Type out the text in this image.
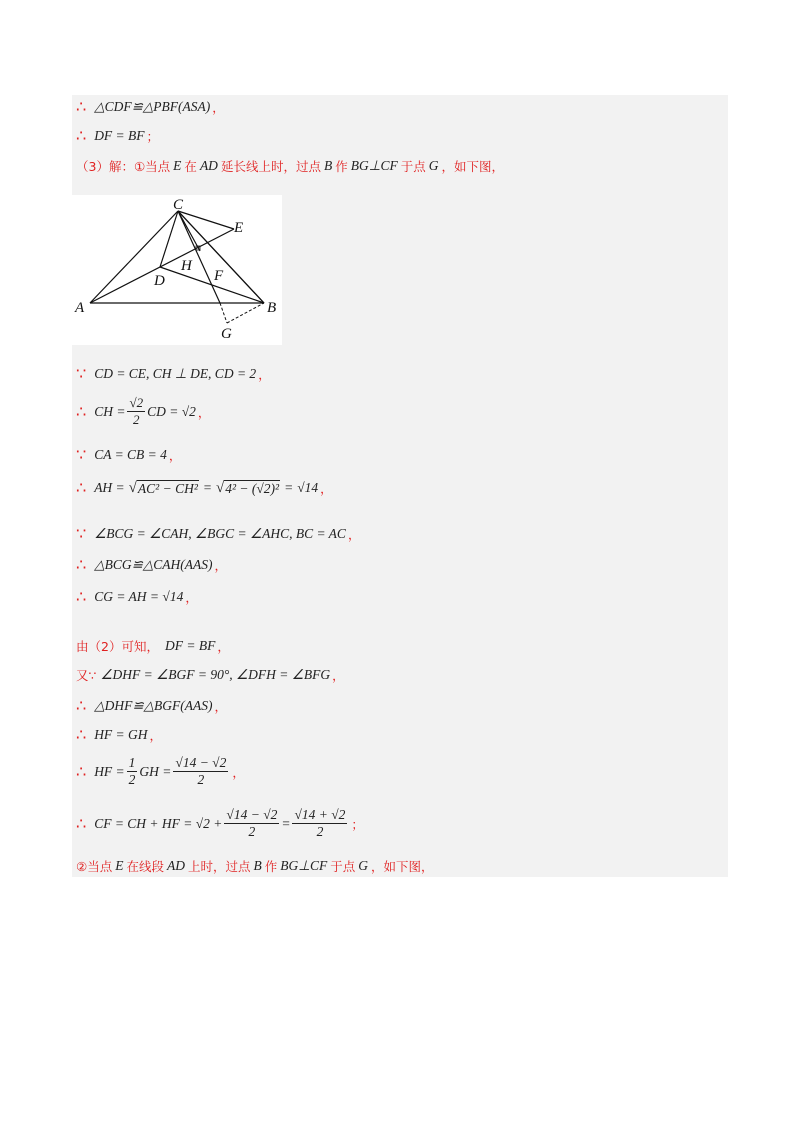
∴ △CDF≌△PBF(ASA) ，
∴ DF = BF ；
（3）解：①当点 E 在 AD 延长线上时，过点 B 作 BG⊥CF 于点 G ，如下图，
C
E
H
F
D
A	B
G
∵ CD = CE, CH ⊥ DE, CD = 2 ，
∴ CH = $\frac{√2}{2}$ CD = √2 ，
∵ CA = CB = 4 ，
∴ AH = √ AC² − CH² = √ 4² − (√2)² = √14 ，
∵ ∠BCG = ∠CAH, ∠BGC = ∠AHC, BC = AC ，
∴ △BCG≌△CAH(AAS) ，
∴ CG = AH = √14 ，
由（2）可知， DF = BF ，
又∵ ∠DHF = ∠BGF = 90°, ∠DFH = ∠BFG ，
∴ △DHF≌△BGF(AAS) ，
∴ HF = GH ，
∴ HF = $\frac{1}{2}$ GH = $\frac{√14 - √2}{2}$ ，
∴ CF = CH + HF = $√2 + \frac{√14 - √2}{2} = \frac{√14 + √2}{2}$ ；
②当点 E 在线段 AD 上时，过点 B 作 BG⊥CF 于点 G ，如下图，
